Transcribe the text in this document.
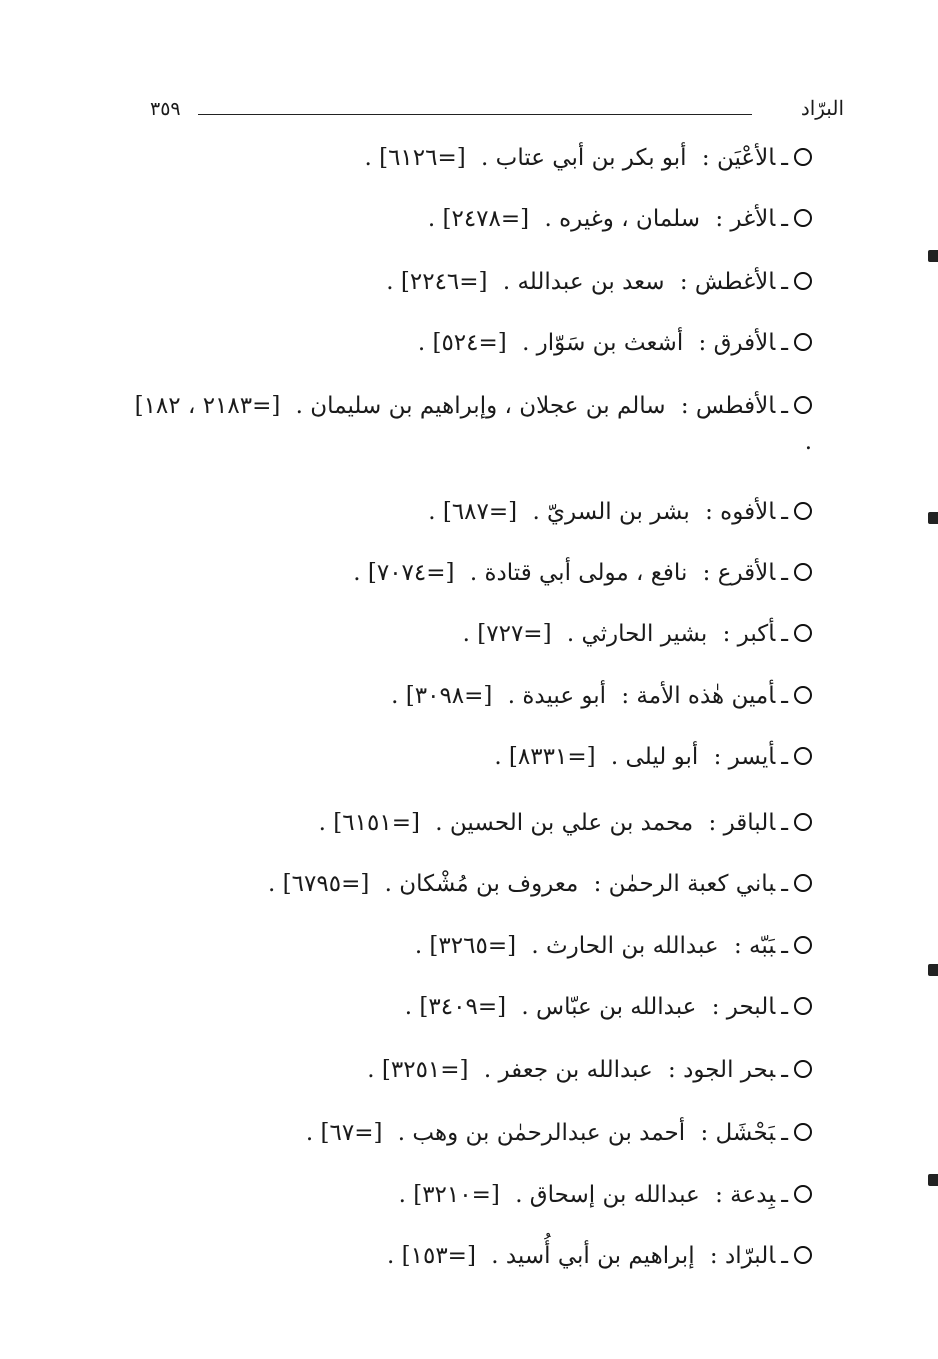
٣٥٩	البرّاد
ـالأعْيَن : أبو بكر بن أبي عتاب . [=٦١٢٦] .
ـالأغر : سلمان ، وغيره . [=٢٤٧٨] .
ـالأغطش : سعد بن عبدالله . [=٢٢٤٦] .
ـالأفرق : أشعث بن سَوّار . [=٥٢٤] .
ـالأفطس : سالم بن عجلان ، وإبراهيم بن سليمان . [=٢١٨٣ ، ١٨٢] .
ـالأفوه : بشر بن السريّ . [=٦٨٧] .
ـالأقرع : نافع ، مولى أبي قتادة . [=٧٠٧٤] .
ـأكبر : بشير الحارثي . [=٧٢٧] .
ـأمين هٰذه الأمة : أبو عبيدة . [=٣٠٩٨] .
ـأيسر : أبو ليلى . [=٨٣٣١] .
ـالباقر : محمد بن علي بن الحسين . [=٦١٥١] .
ـباني كعبة الرحمٰن : معروف بن مُشْكان . [=٦٧٩٥] .
ـبَبّه : عبدالله بن الحارث . [=٣٢٦٥] .
ـالبحر : عبدالله بن عبّاس . [=٣٤٠٩] .
ـبحر الجود : عبدالله بن جعفر . [=٣٢٥١] .
ـبَحْشَل : أحمد بن عبدالرحمٰن بن وهب . [=٦٧] .
ـبِدعة : عبدالله بن إسحاق . [=٣٢١٠] .
ـالبرّاد : إبراهيم بن أبي أُسيد . [=١٥٣] .
